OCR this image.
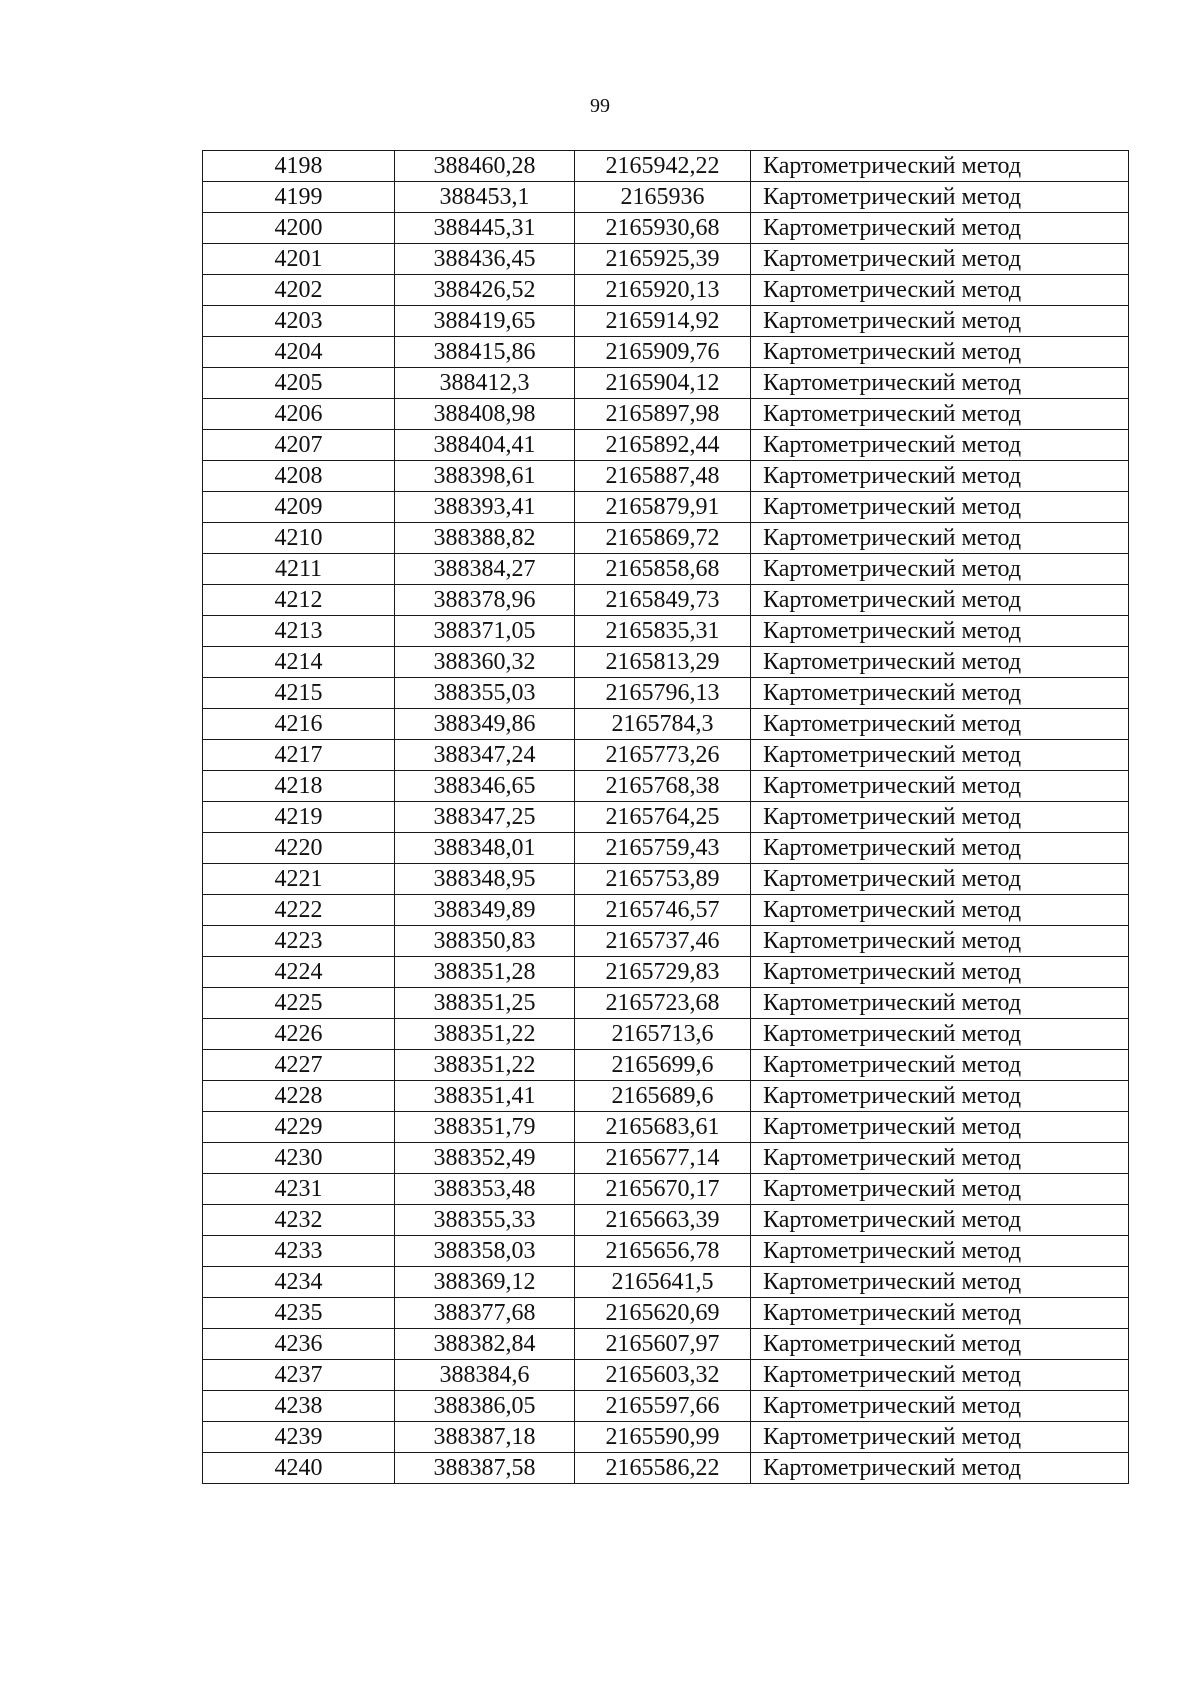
99
4198	388460,28	2165942,22	Картометрический метод
4199	388453,1	2165936	Картометрический метод
4200	388445,31	2165930,68	Картометрический метод
4201	388436,45	2165925,39	Картометрический метод
4202	388426,52	2165920,13	Картометрический метод
4203	388419,65	2165914,92	Картометрический метод
4204	388415,86	2165909,76	Картометрический метод
4205	388412,3	2165904,12	Картометрический метод
4206	388408,98	2165897,98	Картометрический метод
4207	388404,41	2165892,44	Картометрический метод
4208	388398,61	2165887,48	Картометрический метод
4209	388393,41	2165879,91	Картометрический метод
4210	388388,82	2165869,72	Картометрический метод
4211	388384,27	2165858,68	Картометрический метод
4212	388378,96	2165849,73	Картометрический метод
4213	388371,05	2165835,31	Картометрический метод
4214	388360,32	2165813,29	Картометрический метод
4215	388355,03	2165796,13	Картометрический метод
4216	388349,86	2165784,3	Картометрический метод
4217	388347,24	2165773,26	Картометрический метод
4218	388346,65	2165768,38	Картометрический метод
4219	388347,25	2165764,25	Картометрический метод
4220	388348,01	2165759,43	Картометрический метод
4221	388348,95	2165753,89	Картометрический метод
4222	388349,89	2165746,57	Картометрический метод
4223	388350,83	2165737,46	Картометрический метод
4224	388351,28	2165729,83	Картометрический метод
4225	388351,25	2165723,68	Картометрический метод
4226	388351,22	2165713,6	Картометрический метод
4227	388351,22	2165699,6	Картометрический метод
4228	388351,41	2165689,6	Картометрический метод
4229	388351,79	2165683,61	Картометрический метод
4230	388352,49	2165677,14	Картометрический метод
4231	388353,48	2165670,17	Картометрический метод
4232	388355,33	2165663,39	Картометрический метод
4233	388358,03	2165656,78	Картометрический метод
4234	388369,12	2165641,5	Картометрический метод
4235	388377,68	2165620,69	Картометрический метод
4236	388382,84	2165607,97	Картометрический метод
4237	388384,6	2165603,32	Картометрический метод
4238	388386,05	2165597,66	Картометрический метод
4239	388387,18	2165590,99	Картометрический метод
4240	388387,58	2165586,22	Картометрический метод
